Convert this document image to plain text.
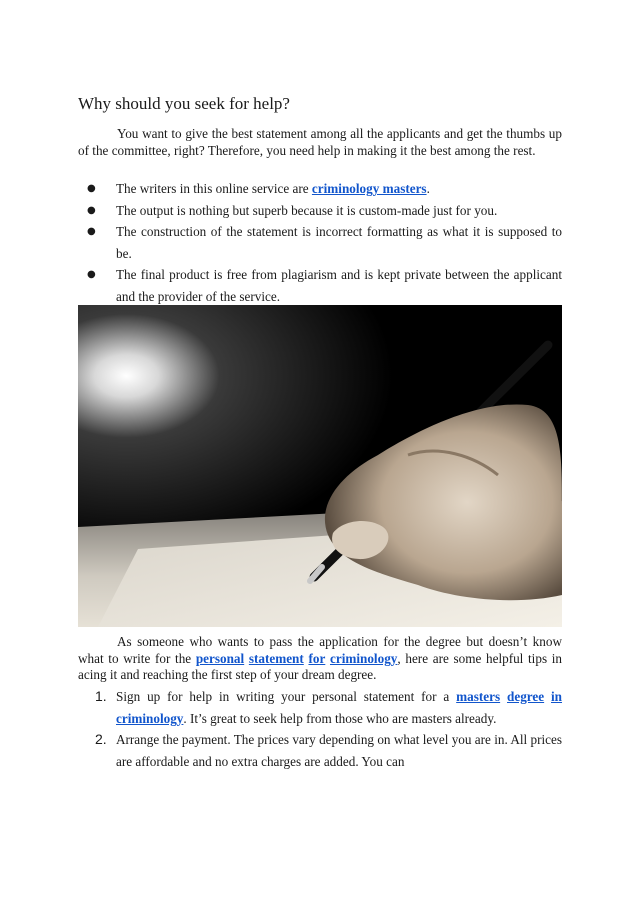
Why should you seek for help?

You want to give the best statement among all the applicants and get the thumbs up of the committee, right? Therefore, you need help in making it the best among the rest.

● The writers in this online service are criminology masters.
● The output is nothing but superb because it is custom-made just for you.
● The construction of the statement is incorrect formatting as what it is supposed to be.
● The final product is free from plagiarism and is kept private between the applicant and the provider of the service.

As someone who wants to pass the application for the degree but doesn’t know what to write for the personal statement for criminology, here are some helpful tips in acing it and reaching the first step of your dream degree.

1. Sign up for help in writing your personal statement for a masters degree in criminology. It’s great to seek help from those who are masters already.
2. Arrange the payment. The prices vary depending on what level you are in. All prices are affordable and no extra charges are added. You can
